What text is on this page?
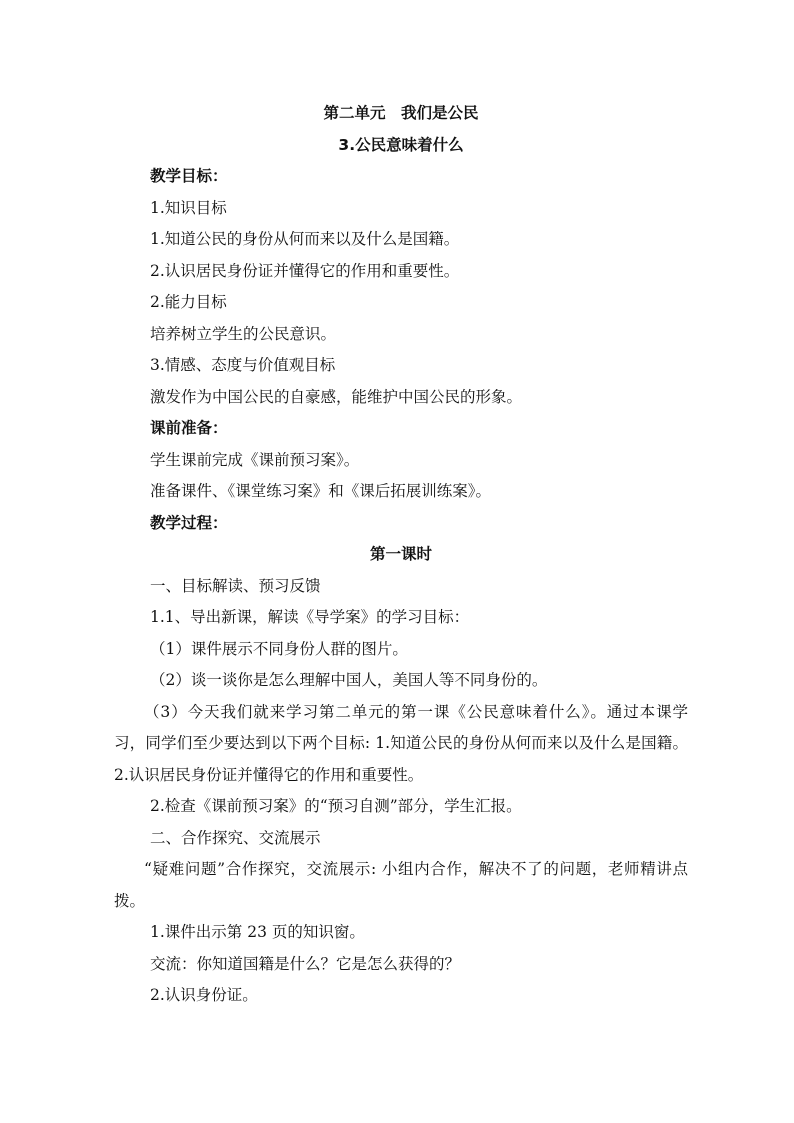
第二单元　我们是公民
3.公民意味着什么
教学目标：
1.知识目标
1.知道公民的身份从何而来以及什么是国籍。
2.认识居民身份证并懂得它的作用和重要性。
2.能力目标
培养树立学生的公民意识。
3.情感、态度与价值观目标
激发作为中国公民的自豪感，能维护中国公民的形象。
课前准备：
学生课前完成《课前预习案》。
准备课件、《课堂练习案》和《课后拓展训练案》。
教学过程：
第一课时
一、目标解读、预习反馈
1.1、导出新课，解读《导学案》的学习目标：
（1）课件展示不同身份人群的图片。
（2）谈一谈你是怎么理解中国人，美国人等不同身份的。
（3）今天我们就来学习第二单元的第一课《公民意味着什么》。通过本课学习，同学们至少要达到以下两个目标: 1.知道公民的身份从何而来以及什么是国籍。2.认识居民身份证并懂得它的作用和重要性。
2.检查《课前预习案》的“预习自测”部分，学生汇报。
二、合作探究、交流展示
“疑难问题”合作探究，交流展示: 小组内合作，解决不了的问题，老师精讲点拨。
1.课件出示第 23 页的知识窗。
交流：你知道国籍是什么？它是怎么获得的？
2.认识身份证。
